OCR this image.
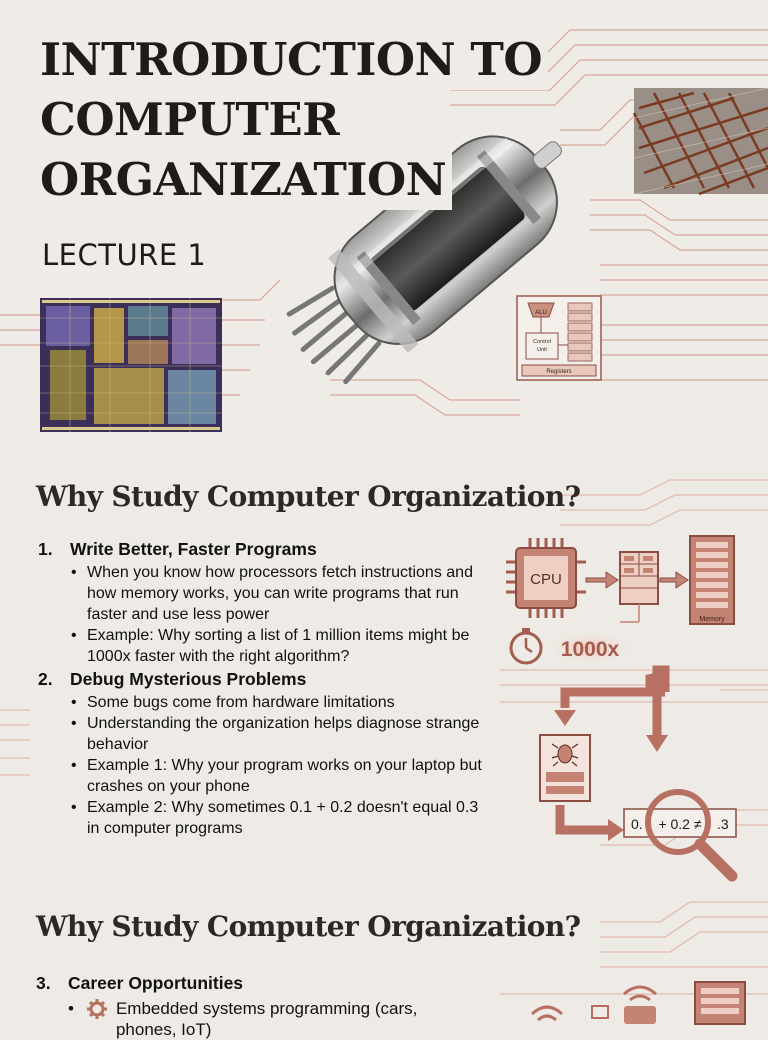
INTRODUCTION TO
COMPUTER
ORGANIZATION

LECTURE 1

ALU
Control
Unit
Registers
Why Study Computer Organization?
1. Write Better, Faster Programs
• When you know how processors fetch instructions and how memory works, you can write programs that run faster and use less power
• Example: Why sorting a list of 1 million items might be 1000x faster with the right algorithm?
2. Debug Mysterious Problems
• Some bugs come from hardware limitations
• Understanding the organization helps diagnose strange behavior
• Example 1: Why your program works on your laptop but crashes on your phone
• Example 2: Why sometimes 0.1 + 0.2 doesn't equal 0.3 in computer programs
CPU
Memory
1000x
0. + 0.2 ≠ .3
Why Study Computer Organization?
3. Career Opportunities
•	Embedded systems programming (cars, phones, IoT)
